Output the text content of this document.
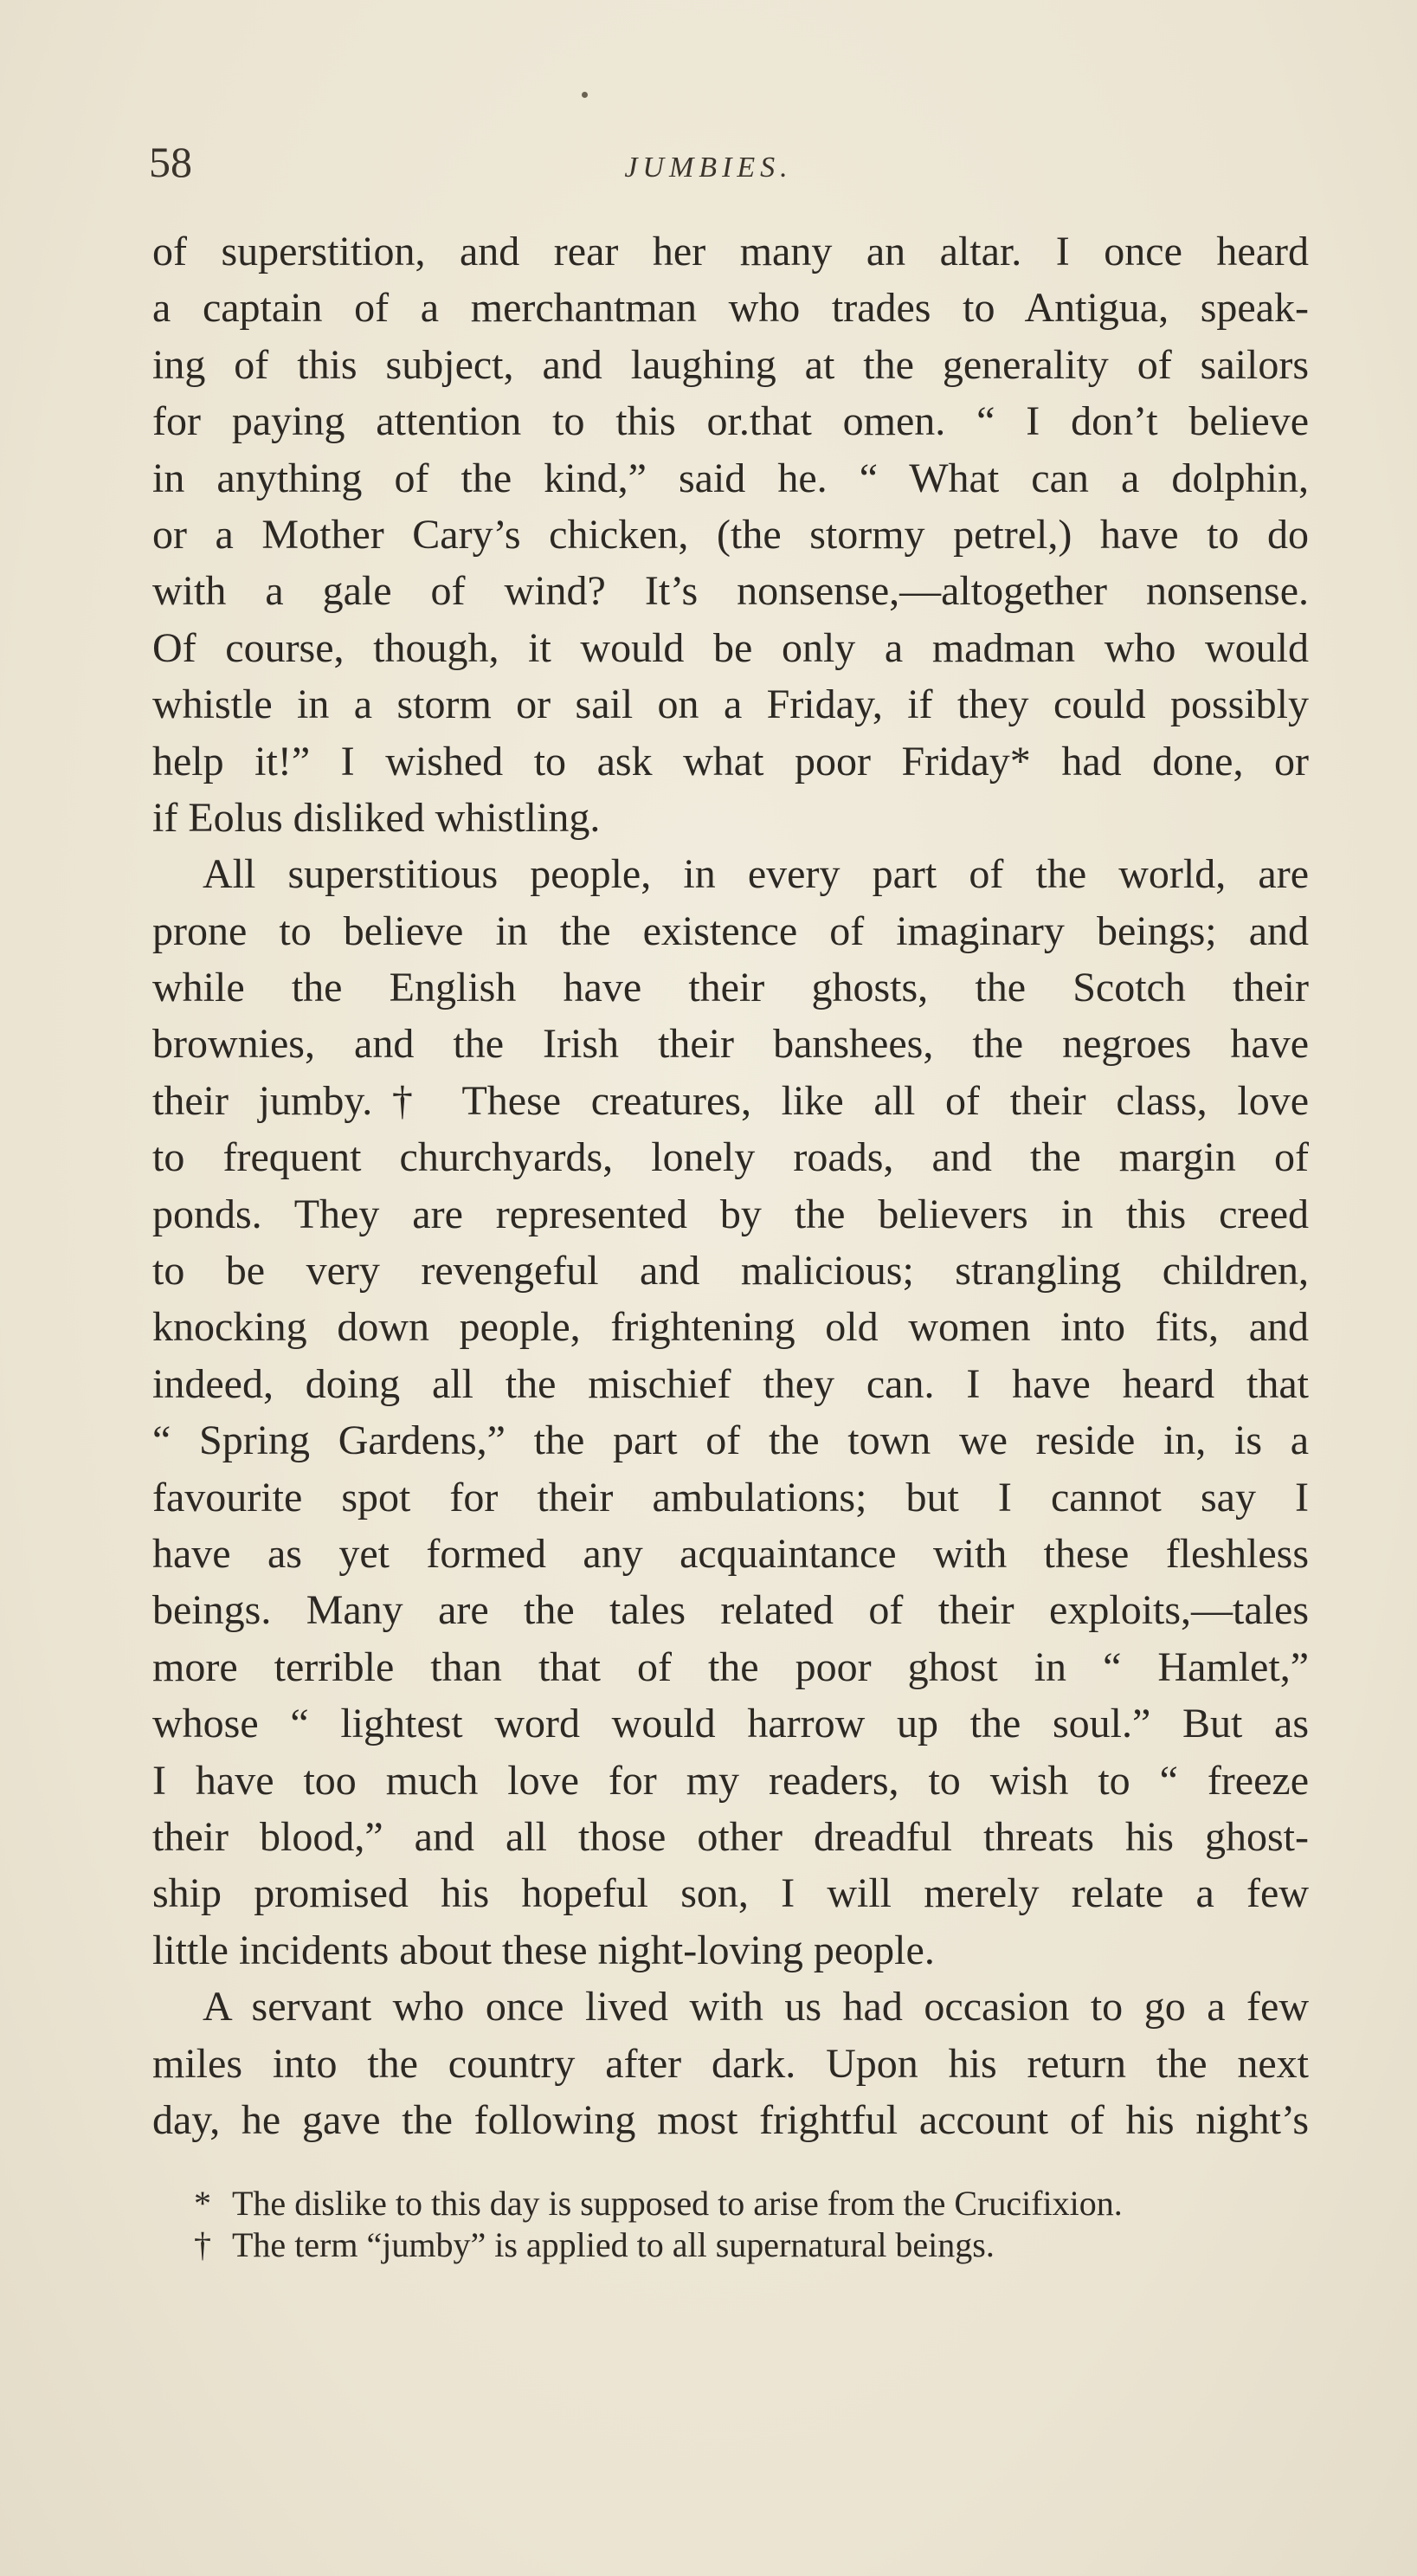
58	JUMBIES.
of superstition, and rear her many an altar. I once heard
a captain of a merchantman who trades to Antigua, speak-
ing of this subject, and laughing at the generality of sailors
for paying attention to this or.that omen. “ I don’t believe
in anything of the kind,” said he. “ What can a dolphin,
or a Mother Cary’s chicken, (the stormy petrel,) have to do
with a gale of wind? It’s nonsense,—altogether nonsense.
Of course, though, it would be only a madman who would
whistle in a storm or sail on a Friday, if they could possibly
help it!” I wished to ask what poor Friday* had done, or
if Eolus disliked whistling.
All superstitious people, in every part of the world, are
prone to believe in the existence of imaginary beings; and
while the English have their ghosts, the Scotch their
brownies, and the Irish their banshees, the negroes have
their jumby.† These creatures, like all of their class, love
to frequent churchyards, lonely roads, and the margin of
ponds. They are represented by the believers in this creed
to be very revengeful and malicious; strangling children,
knocking down people, frightening old women into fits, and
indeed, doing all the mischief they can. I have heard that
“ Spring Gardens,” the part of the town we reside in, is a
favourite spot for their ambulations; but I cannot say I
have as yet formed any acquaintance with these fleshless
beings. Many are the tales related of their exploits,—tales
more terrible than that of the poor ghost in “ Hamlet,”
whose “ lightest word would harrow up the soul.” But as
I have too much love for my readers, to wish to “ freeze
their blood,” and all those other dreadful threats his ghost-
ship promised his hopeful son, I will merely relate a few
little incidents about these night-loving people.
A servant who once lived with us had occasion to go a few
miles into the country after dark. Upon his return the next
day, he gave the following most frightful account of his night’s
* The dislike to this day is supposed to arise from the Crucifixion.
† The term “jumby” is applied to all supernatural beings.
